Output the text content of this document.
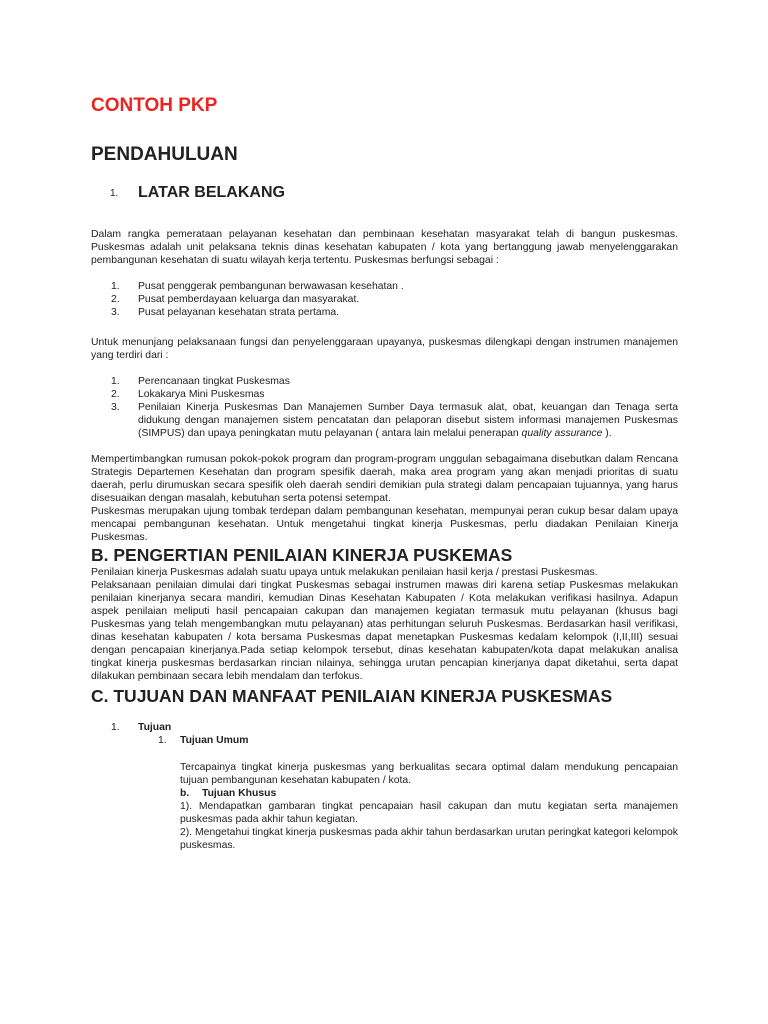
CONTOH PKP
PENDAHULUAN
1.	LATAR BELAKANG

Dalam rangka pemerataan pelayanan kesehatan dan pembinaan kesehatan masyarakat telah di bangun puskesmas. Puskesmas adalah unit pelaksana teknis dinas kesehatan kabupaten / kota yang bertanggung jawab menyelenggarakan pembangunan kesehatan di suatu wilayah kerja tertentu. Puskesmas berfungsi sebagai :

1.	Pusat penggerak pembangunan berwawasan kesehatan .
2.	Pusat pemberdayaan keluarga dan masyarakat.
3.	Pusat pelayanan kesehatan strata pertama.

Untuk menunjang pelaksanaan fungsi dan penyelenggaraan upayanya, puskesmas dilengkapi dengan instrumen manajemen yang terdiri dari :

1.	Perencanaan tingkat Puskesmas
2.	Lokakarya Mini Puskesmas
3.	Penilaian Kinerja Puskesmas Dan Manajemen Sumber Daya termasuk alat, obat, keuangan dan Tenaga serta didukung dengan manajemen sistem pencatatan dan pelaporan disebut sistem informasi manajemen Puskesmas (SIMPUS) dan upaya peningkatan mutu pelayanan ( antara lain melalui penerapan quality assurance ).

Mempertimbangkan rumusan pokok-pokok program dan program-program unggulan sebagaimana disebutkan dalam Rencana Strategis Departemen Kesehatan dan program spesifik daerah, maka area program yang akan menjadi prioritas di suatu daerah, perlu dirumuskan secara spesifik oleh daerah sendiri demikian pula strategi dalam pencapaian tujuannya, yang harus disesuaikan dengan masalah, kebutuhan serta potensi setempat.

Puskesmas merupakan ujung tombak terdepan dalam pembangunan kesehatan, mempunyai peran cukup besar dalam upaya mencapai pembangunan kesehatan. Untuk mengetahui tingkat kinerja Puskesmas, perlu diadakan Penilaian Kinerja Puskesmas.

B. PENGERTIAN PENILAIAN KINERJA PUSKEMAS

Penilaian kinerja Puskesmas adalah suatu upaya untuk melakukan penilaian hasil kerja / prestasi Puskesmas.

Pelaksanaan penilaian dimulai dari tingkat Puskesmas sebagai instrumen mawas diri karena setiap Puskesmas melakukan penilaian kinerjanya secara mandiri, kemudian Dinas Kesehatan Kabupaten / Kota melakukan verifikasi hasilnya. Adapun aspek penilaian meliputi hasil pencapaian cakupan dan manajemen kegiatan termasuk mutu pelayanan (khusus bagi Puskesmas yang telah mengembangkan mutu pelayanan) atas perhitungan seluruh Puskesmas. Berdasarkan hasil verifikasi, dinas kesehatan kabupaten / kota bersama Puskesmas dapat menetapkan Puskesmas kedalam kelompok (I,II,III) sesuai dengan pencapaian kinerjanya.Pada setiap kelompok tersebut, dinas kesehatan kabupaten/kota dapat melakukan analisa tingkat kinerja puskesmas berdasarkan rincian nilainya, sehingga urutan pencapian kinerjanya dapat diketahui, serta dapat dilakukan pembinaan secara lebih mendalam dan terfokus.

C. TUJUAN DAN MANFAAT PENILAIAN KINERJA PUSKESMAS
1.	Tujuan
1.	Tujuan Umum

Tercapainya tingkat kinerja puskesmas yang berkualitas secara optimal dalam mendukung pencapaian tujuan pembangunan kesehatan kabupaten / kota.

b.	Tujuan Khusus

1). Mendapatkan gambaran tingkat pencapaian hasil cakupan dan mutu kegiatan serta manajemen puskesmas pada akhir tahun kegiatan.

2). Mengetahui tingkat kinerja puskesmas pada akhir tahun berdasarkan urutan peringkat kategori kelompok puskesmas.
